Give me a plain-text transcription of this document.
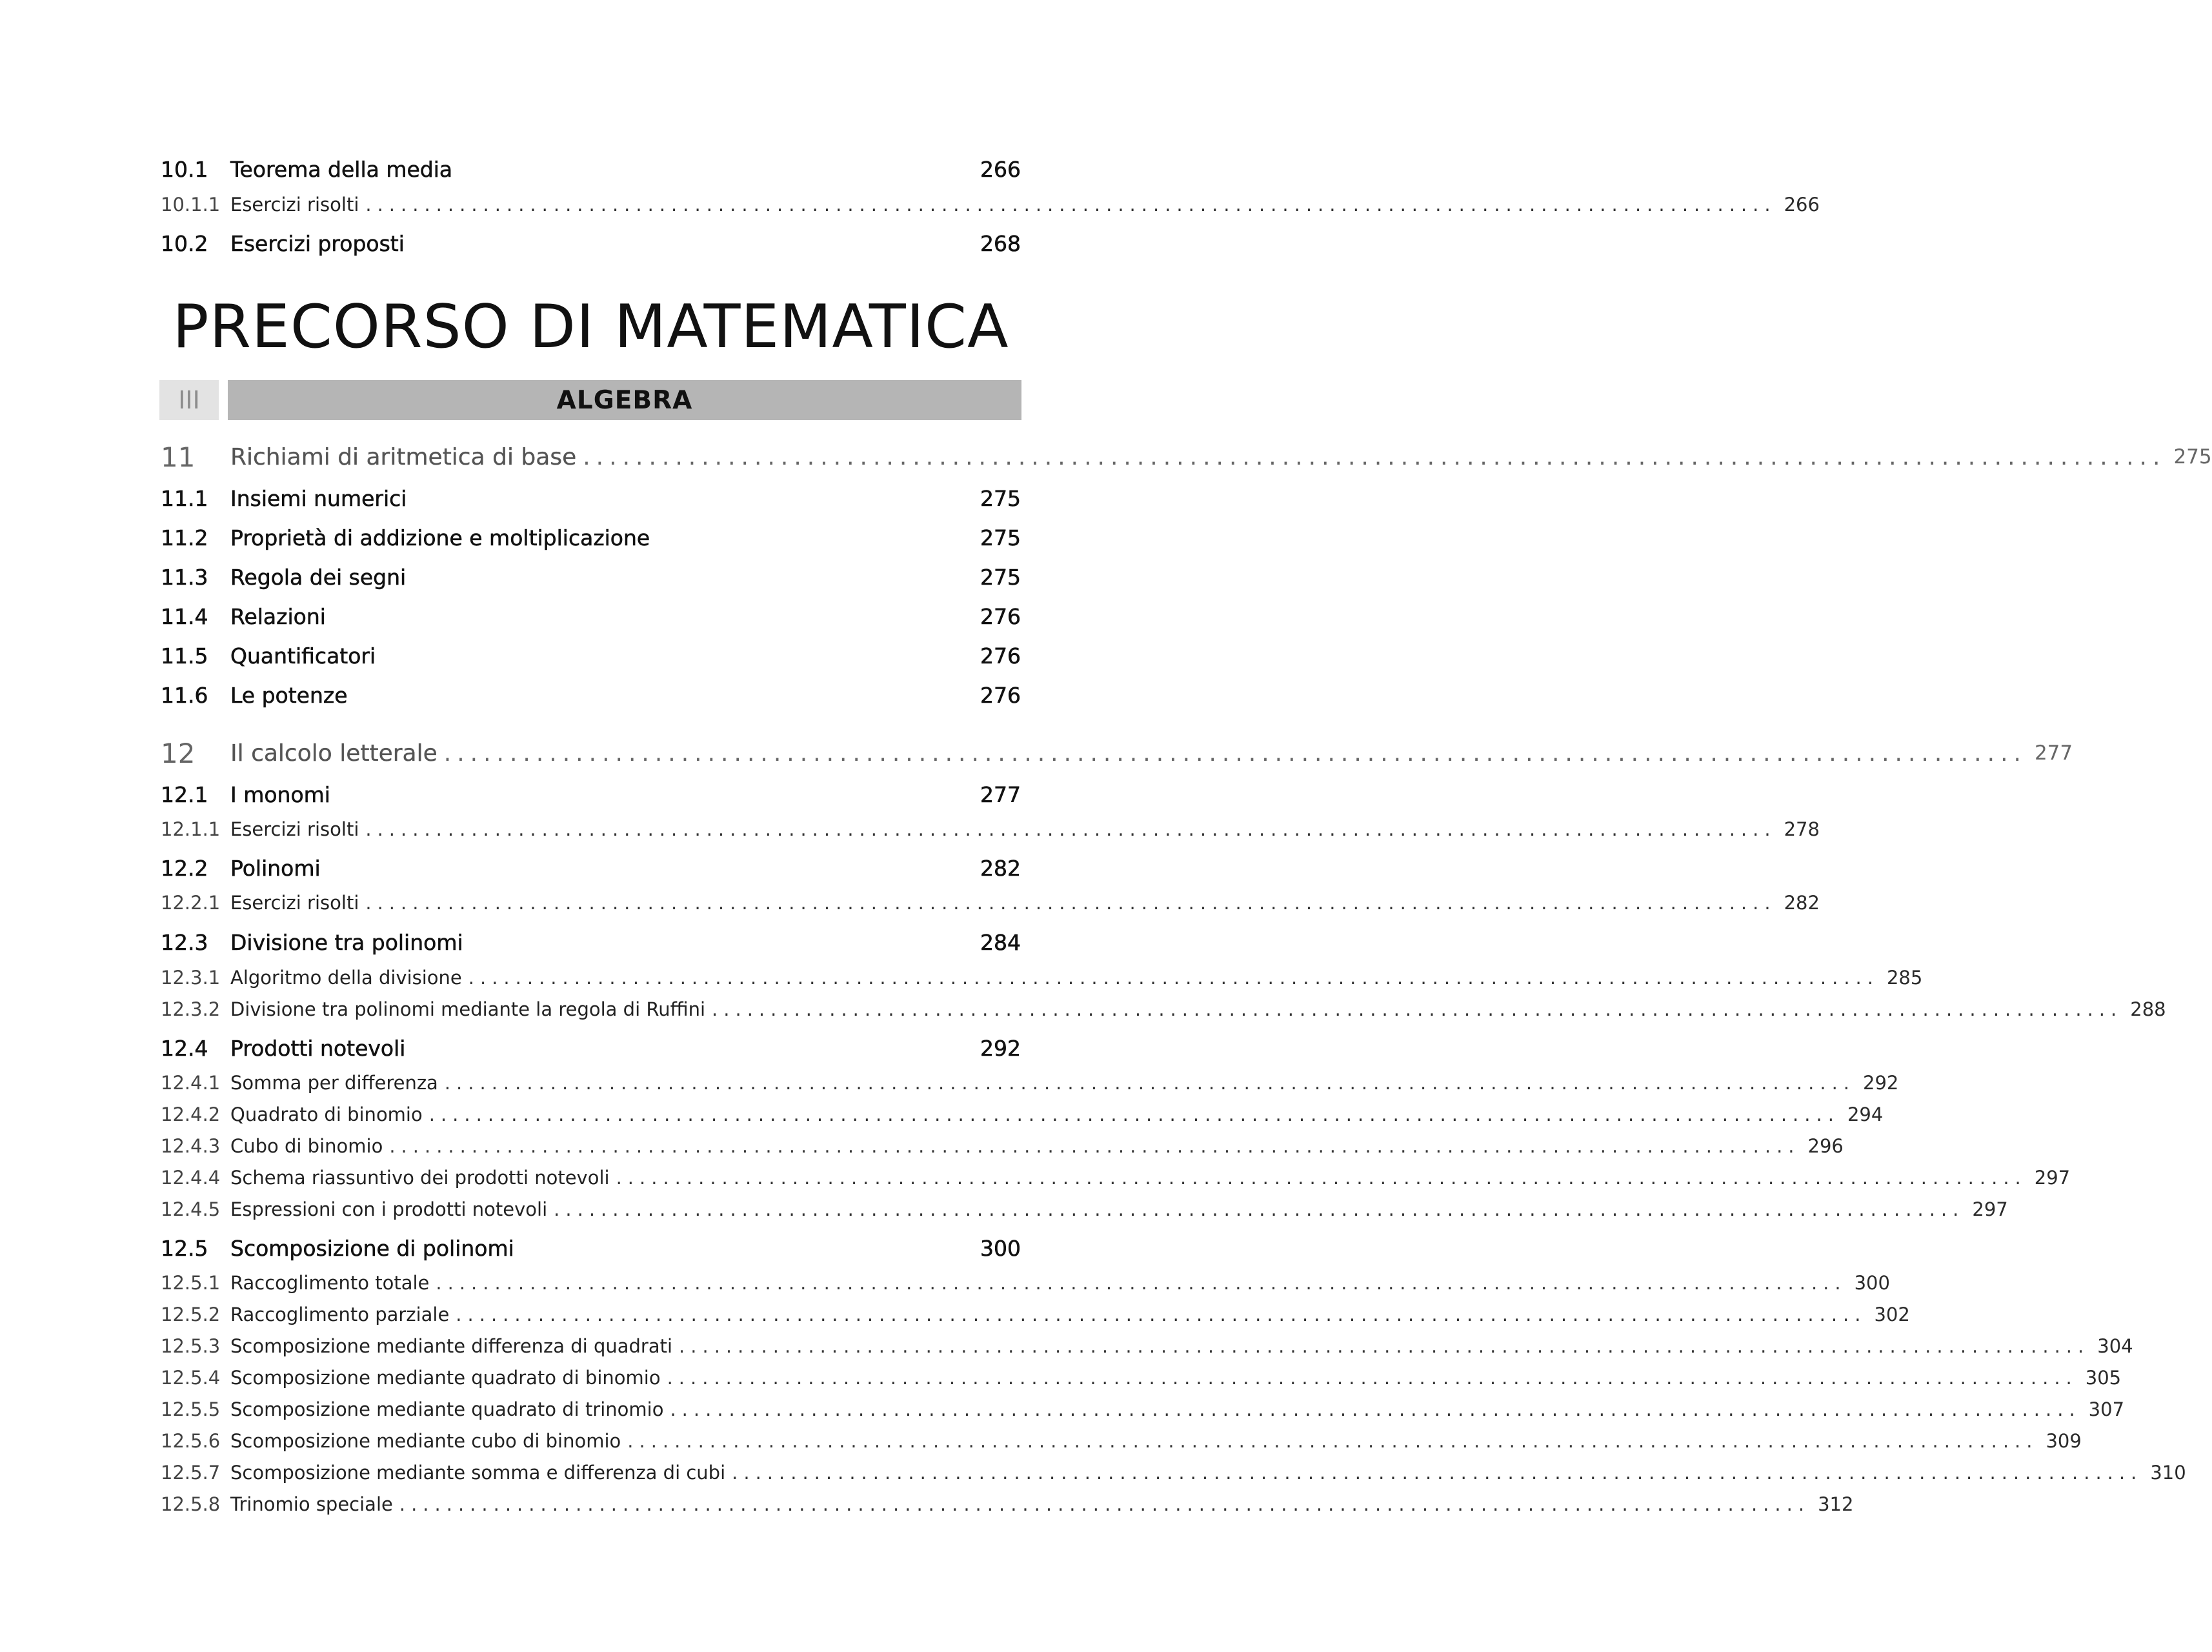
10.1	Teorema della media	266
10.1.1 Esercizi risolti ........................................................................................................................ 266
10.2	Esercizi proposti	268
PRECORSO DI MATEMATICA
III	ALGEBRA
11	Richiami di aritmetica di base ........................................................................................................................ 275
11.1	Insiemi numerici	275
11.2	Proprietà di addizione e moltiplicazione	275
11.3	Regola dei segni	275
11.4	Relazioni	276
11.5	Quantificatori	276
11.6	Le potenze	276
12	Il calcolo letterale ........................................................................................................................ 277
12.1	I monomi	277
12.1.1 Esercizi risolti ........................................................................................................................ 278
12.2	Polinomi	282
12.2.1 Esercizi risolti ........................................................................................................................ 282
12.3	Divisione tra polinomi	284
12.3.1 Algoritmo della divisione ........................................................................................................................ 285
12.3.2 Divisione tra polinomi mediante la regola di Ruffini ........................................................................................................................ 288
12.4	Prodotti notevoli	292
12.4.1 Somma per differenza ........................................................................................................................ 292
12.4.2 Quadrato di binomio ........................................................................................................................ 294
12.4.3 Cubo di binomio ........................................................................................................................ 296
12.4.4 Schema riassuntivo dei prodotti notevoli ........................................................................................................................ 297
12.4.5 Espressioni con i prodotti notevoli ........................................................................................................................ 297
12.5	Scomposizione di polinomi	300
12.5.1 Raccoglimento totale ........................................................................................................................ 300
12.5.2 Raccoglimento parziale ........................................................................................................................ 302
12.5.3 Scomposizione mediante differenza di quadrati ........................................................................................................................ 304
12.5.4 Scomposizione mediante quadrato di binomio ........................................................................................................................ 305
12.5.5 Scomposizione mediante quadrato di trinomio ........................................................................................................................ 307
12.5.6 Scomposizione mediante cubo di binomio ........................................................................................................................ 309
12.5.7 Scomposizione mediante somma e differenza di cubi ........................................................................................................................ 310
12.5.8 Trinomio speciale ........................................................................................................................ 312
